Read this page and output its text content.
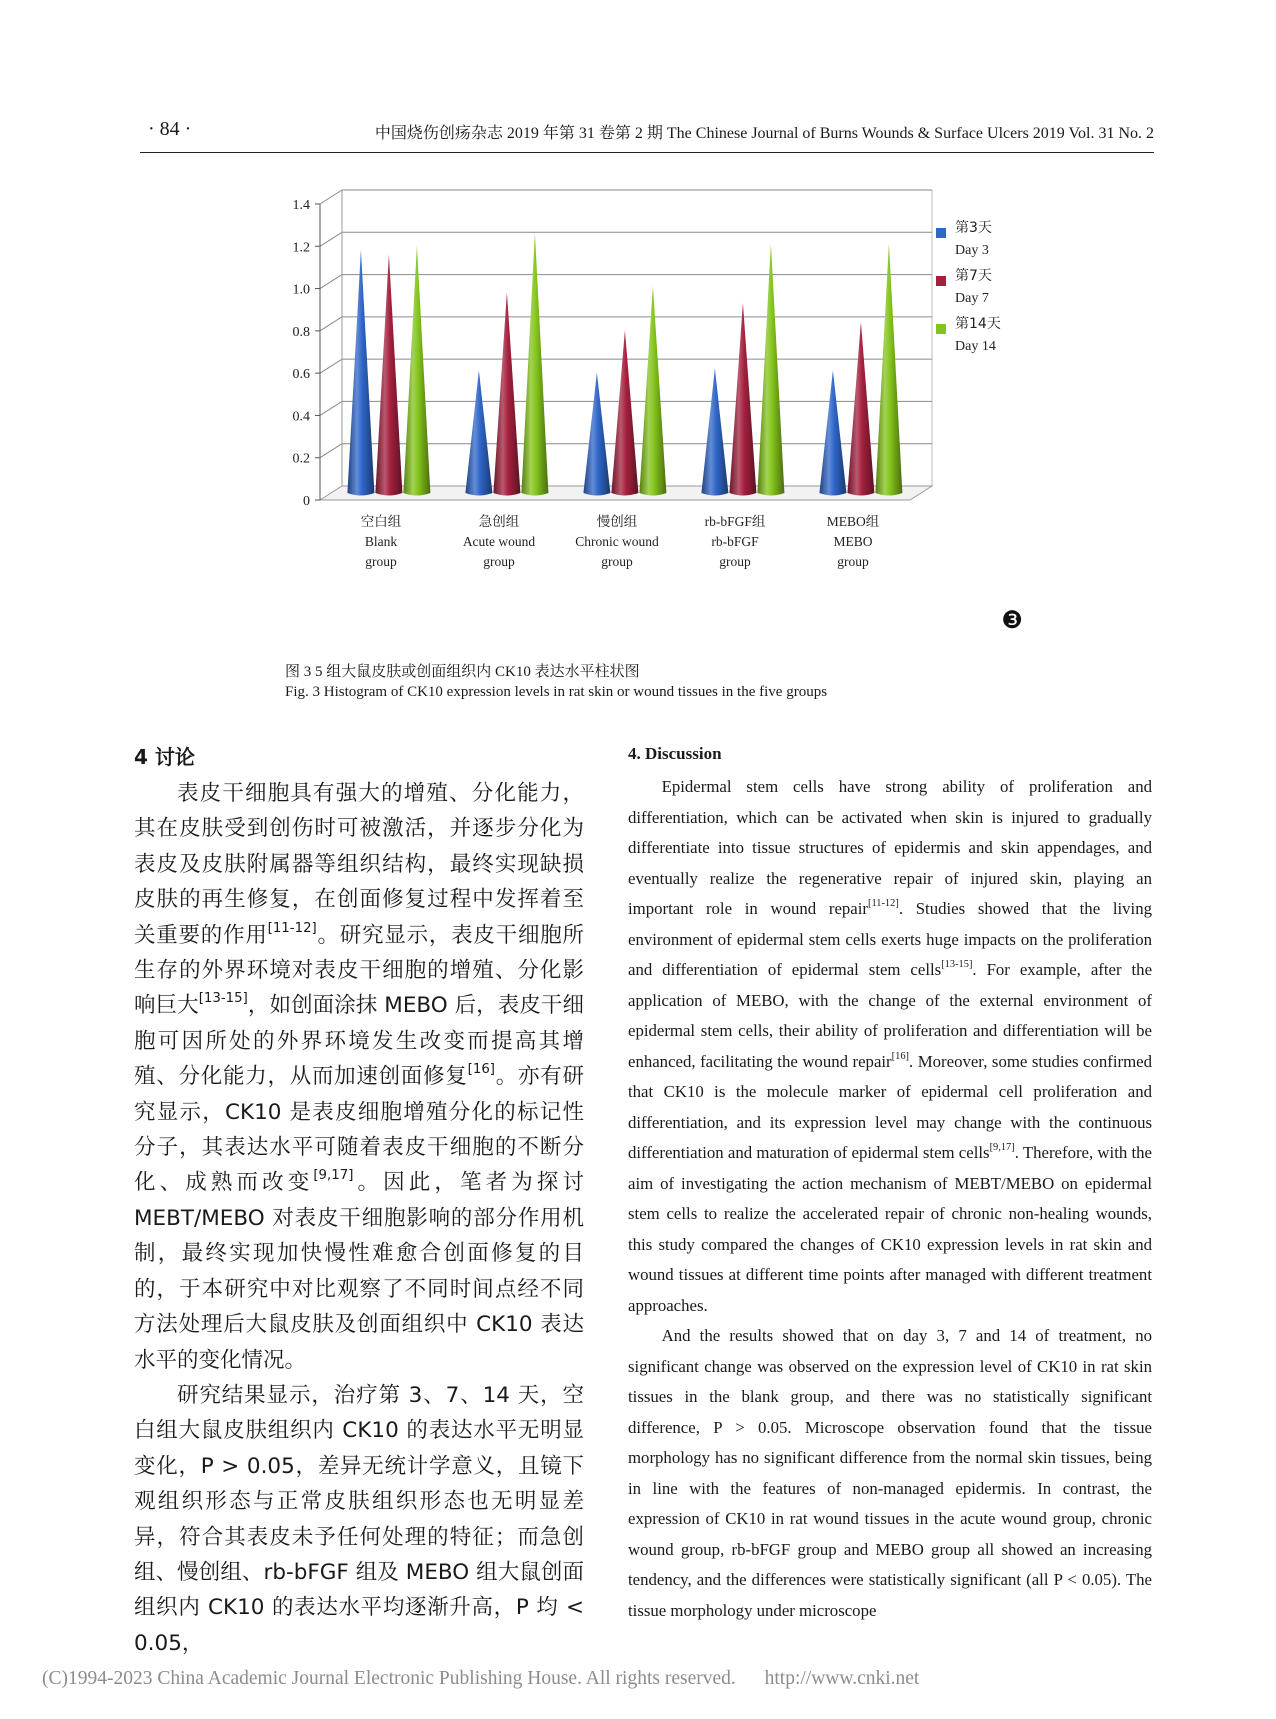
· 84 ·	中国烧伤创疡杂志 2019 年第 31 卷第 2 期 The Chinese Journal of Burns Wounds & Surface Ulcers 2019 Vol. 31 No. 2
0
0.2
0.4
0.6
0.8
1.0
1.2
1.4
空白组
Blank
group
急创组
Acute wound
group
慢创组
Chronic wound
group
rb-bFGF组
rb-bFGF
group
MEBO组
MEBO
group
第3天
Day 3
第7天
Day 7
第14天
Day 14
❸
图 3 5 组大鼠皮肤或创面组织内 CK10 表达水平柱状图
Fig. 3 Histogram of CK10 expression levels in rat skin or wound tissues in the five groups
4 讨论

表皮干细胞具有强大的增殖、分化能力，其在皮肤受到创伤时可被激活，并逐步分化为表皮及皮肤附属器等组织结构，最终实现缺损皮肤的再生修复，在创面修复过程中发挥着至关重要的作用[11-12]。研究显示，表皮干细胞所生存的外界环境对表皮干细胞的增殖、分化影响巨大[13-15]，如创面涂抹 MEBO 后，表皮干细胞可因所处的外界环境发生改变而提高其增殖、分化能力，从而加速创面修复[16]。亦有研究显示，CK10 是表皮细胞增殖分化的标记性分子，其表达水平可随着表皮干细胞的不断分化、成熟而改变[9,17]。因此，笔者为探讨 MEBT/MEBO 对表皮干细胞影响的部分作用机制，最终实现加快慢性难愈合创面修复的目的，于本研究中对比观察了不同时间点经不同方法处理后大鼠皮肤及创面组织中 CK10 表达水平的变化情况。

研究结果显示，治疗第 3、7、14 天，空白组大鼠皮肤组织内 CK10 的表达水平无明显变化，P > 0.05，差异无统计学意义，且镜下观组织形态与正常皮肤组织形态也无明显差异，符合其表皮未予任何处理的特征；而急创组、慢创组、rb-bFGF 组及 MEBO 组大鼠创面组织内 CK10 的表达水平均逐渐升高，P 均 < 0.05，

4. Discussion

Epidermal stem cells have strong ability of proliferation and differentiation, which can be activated when skin is injured to gradually differentiate into tissue structures of epidermis and skin appendages, and eventually realize the regenerative repair of injured skin, playing an important role in wound repair[11-12]. Studies showed that the living environment of epidermal stem cells exerts huge impacts on the proliferation and differentiation of epidermal stem cells[13-15]. For example, after the application of MEBO, with the change of the external environment of epidermal stem cells, their ability of proliferation and differentiation will be enhanced, facilitating the wound repair[16]. Moreover, some studies confirmed that CK10 is the molecule marker of epidermal cell proliferation and differentiation, and its expression level may change with the continuous differentiation and maturation of epidermal stem cells[9,17]. Therefore, with the aim of investigating the action mechanism of MEBT/MEBO on epidermal stem cells to realize the accelerated repair of chronic non-healing wounds, this study compared the changes of CK10 expression levels in rat skin and wound tissues at different time points after managed with different treatment approaches.

And the results showed that on day 3, 7 and 14 of treatment, no significant change was observed on the expression level of CK10 in rat skin tissues in the blank group, and there was no statistically significant difference, P > 0.05. Microscope observation found that the tissue morphology has no significant difference from the normal skin tissues, being in line with the features of non-managed epidermis. In contrast, the expression of CK10 in rat wound tissues in the acute wound group, chronic wound group, rb-bFGF group and MEBO group all showed an increasing tendency, and the differences were statistically significant (all P < 0.05). The tissue morphology under microscope

(C)1994-2023 China Academic Journal Electronic Publishing House. All rights reserved. http://www.cnki.net
